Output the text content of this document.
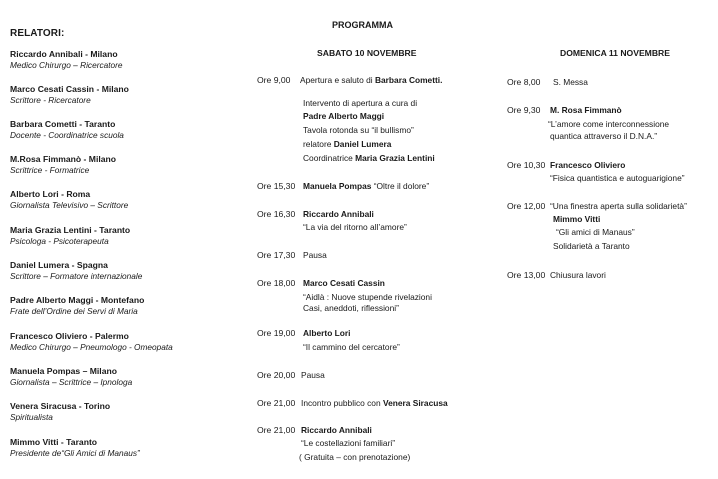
RELATORI:
Riccardo Annibali - Milano
Medico Chirurgo – Ricercatore
Marco Cesati Cassin - Milano
Scrittore - Ricercatore
Barbara Cometti - Taranto
Docente - Coordinatrice scuola
M.Rosa Fimmanò - Milano
Scrittrice - Formatrice
Alberto Lori - Roma
Giornalista Televisivo – Scrittore
Maria Grazia Lentini - Taranto
Psicologa - Psicoterapeuta
Daniel Lumera - Spagna
Scrittore – Formatore internazionale
Padre Alberto Maggi - Montefano
Frate dell’Ordine dei Servi di Maria
Francesco Oliviero - Palermo
Medico Chirurgo – Pneumologo - Omeopata
Manuela Pompas – Milano
Giornalista – Scrittrice – Ipnologa
Venera Siracusa - Torino
Spiritualista
Mimmo Vitti - Taranto
Presidente de“Gli Amici di Manaus”
PROGRAMMA
SABATO 10 NOVEMBRE
Ore 9,00 Apertura e saluto di Barbara Cometti.
Intervento di apertura a cura di
Padre Alberto Maggi
Tavola rotonda su “il bullismo”
relatore Daniel Lumera
Coordinatrice Maria Grazia Lentini
Ore 15,30 Manuela Pompas “Oltre il dolore”
Ore 16,30 Riccardo Annibali
“La via del ritorno all’amore”
Ore 17,30 Pausa
Ore 18,00 Marco Cesati Cassin
“Aidlà : Nuove stupende rivelazioni
Casi, aneddoti, riflessioni”
Ore 19,00 Alberto Lori
“Il cammino del cercatore”
Ore 20,00 Pausa
Ore 21,00 Incontro pubblico con Venera Siracusa
Ore 21,00 Riccardo Annibali
“Le costellazioni familiari”
( Gratuita – con prenotazione)
DOMENICA 11 NOVEMBRE
Ore 8,00 S. Messa
Ore 9,30 M. Rosa Fimmanò
“L’amore come interconnessione
quantica attraverso il D.N.A.”
Ore 10,30 Francesco Oliviero
“Fisica quantistica e autoguarigione”
Ore 12,00 “Una finestra aperta sulla solidarietà”
Mimmo Vitti
“Gli amici di Manaus”
Solidarietà a Taranto
Ore 13,00 Chiusura lavori
